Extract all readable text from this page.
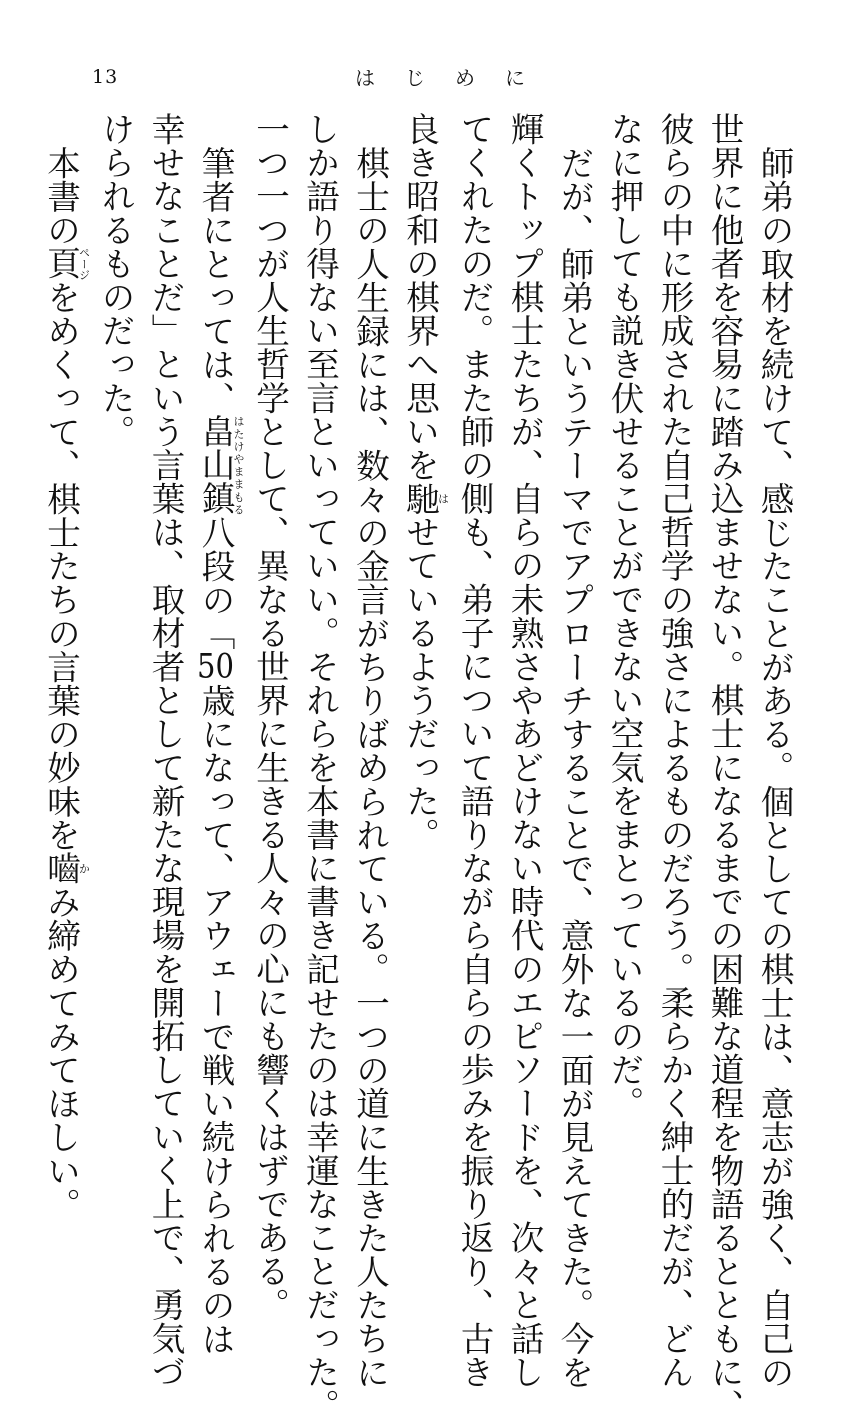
13	はじめに

師弟の取材を続けて、感じたことがある。個としての棋士は、意志が強く、自己の

世界に他者を容易に踏み込ませない。棋士になるまでの困難な道程を物語るとともに、

彼らの中に形成された自己哲学の強さによるものだろう。柔らかく紳士的だが、どん

なに押しても説き伏せることができない空気をまとっているのだ。

だが、師弟というテーマでアプローチすることで、意外な一面が見えてきた。今を

輝くトップ棋士たちが、自らの未熟さやあどけない時代のエピソードを、次々と話し

てくれたのだ。また師の側も、弟子について語りながら自らの歩みを振り返り、古き

良き昭和の棋界へ思いを馳はせているようだった。

棋士の人生録には、数々の金言がちりばめられている。一つの道に生きた人たちに

しか語り得ない至言といっていい。それらを本書に書き記せたのは幸運なことだった。

一つ一つが人生哲学として、異なる世界に生きる人々の心にも響くはずである。

筆者にとっては、畠山鎮はたけやままもる八段の「50歳になって、アウェーで戦い続けられるのは

幸せなことだ」という言葉は、取材者として新たな現場を開拓していく上で、勇気づ

けられるものだった。

本書の頁ページをめくって、棋士たちの言葉の妙味を嚙かみ締めてみてほしい。
